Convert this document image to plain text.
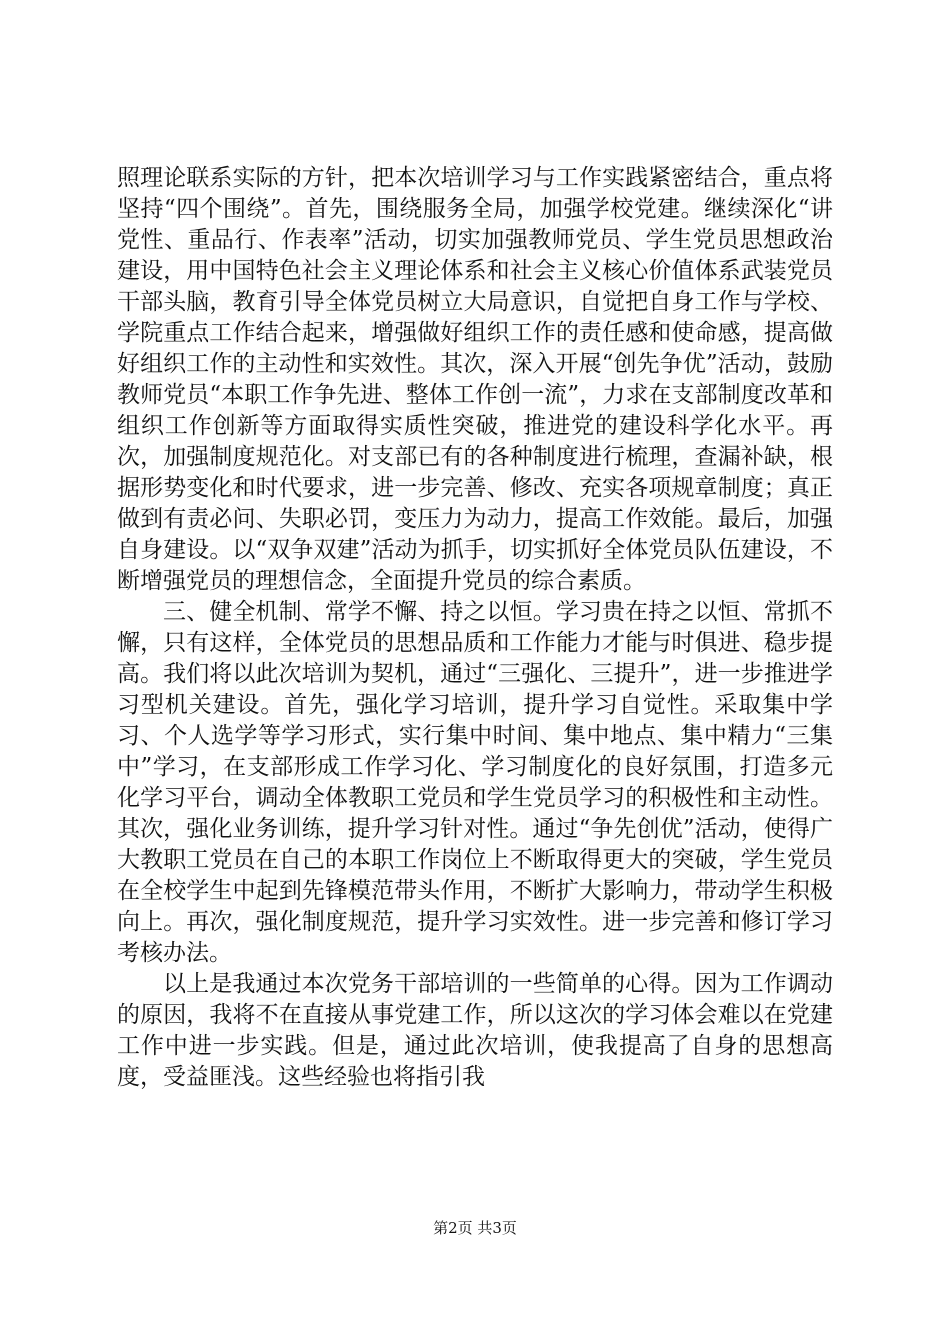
照理论联系实际的方针，把本次培训学习与工作实践紧密结合，重点将坚持“四个围绕”。首先，围绕服务全局，加强学校党建。继续深化“讲党性、重品行、作表率”活动，切实加强教师党员、学生党员思想政治建设，用中国特色社会主义理论体系和社会主义核心价值体系武装党员干部头脑，教育引导全体党员树立大局意识，自觉把自身工作与学校、学院重点工作结合起来，增强做好组织工作的责任感和使命感，提高做好组织工作的主动性和实效性。其次，深入开展“创先争优”活动，鼓励教师党员“本职工作争先进、整体工作创一流”，力求在支部制度改革和组织工作创新等方面取得实质性突破，推进党的建设科学化水平。再次，加强制度规范化。对支部已有的各种制度进行梳理，查漏补缺，根据形势变化和时代要求，进一步完善、修改、充实各项规章制度；真正做到有责必问、失职必罚，变压力为动力，提高工作效能。最后，加强自身建设。以“双争双建”活动为抓手，切实抓好全体党员队伍建设，不断增强党员的理想信念，全面提升党员的综合素质。

三、健全机制、常学不懈、持之以恒。学习贵在持之以恒、常抓不懈，只有这样，全体党员的思想品质和工作能力才能与时俱进、稳步提高。我们将以此次培训为契机，通过“三强化、三提升”，进一步推进学习型机关建设。首先，强化学习培训，提升学习自觉性。采取集中学习、个人选学等学习形式，实行集中时间、集中地点、集中精力“三集中”学习，在支部形成工作学习化、学习制度化的良好氛围，打造多元化学习平台，调动全体教职工党员和学生党员学习的积极性和主动性。其次，强化业务训练，提升学习针对性。通过“争先创优”活动，使得广大教职工党员在自己的本职工作岗位上不断取得更大的突破，学生党员在全校学生中起到先锋模范带头作用，不断扩大影响力，带动学生积极向上。再次，强化制度规范，提升学习实效性。进一步完善和修订学习考核办法。

以上是我通过本次党务干部培训的一些简单的心得。因为工作调动的原因，我将不在直接从事党建工作，所以这次的学习体会难以在党建工作中进一步实践。但是，通过此次培训，使我提高了自身的思想高度，受益匪浅。这些经验也将指引我

第2页 共3页
